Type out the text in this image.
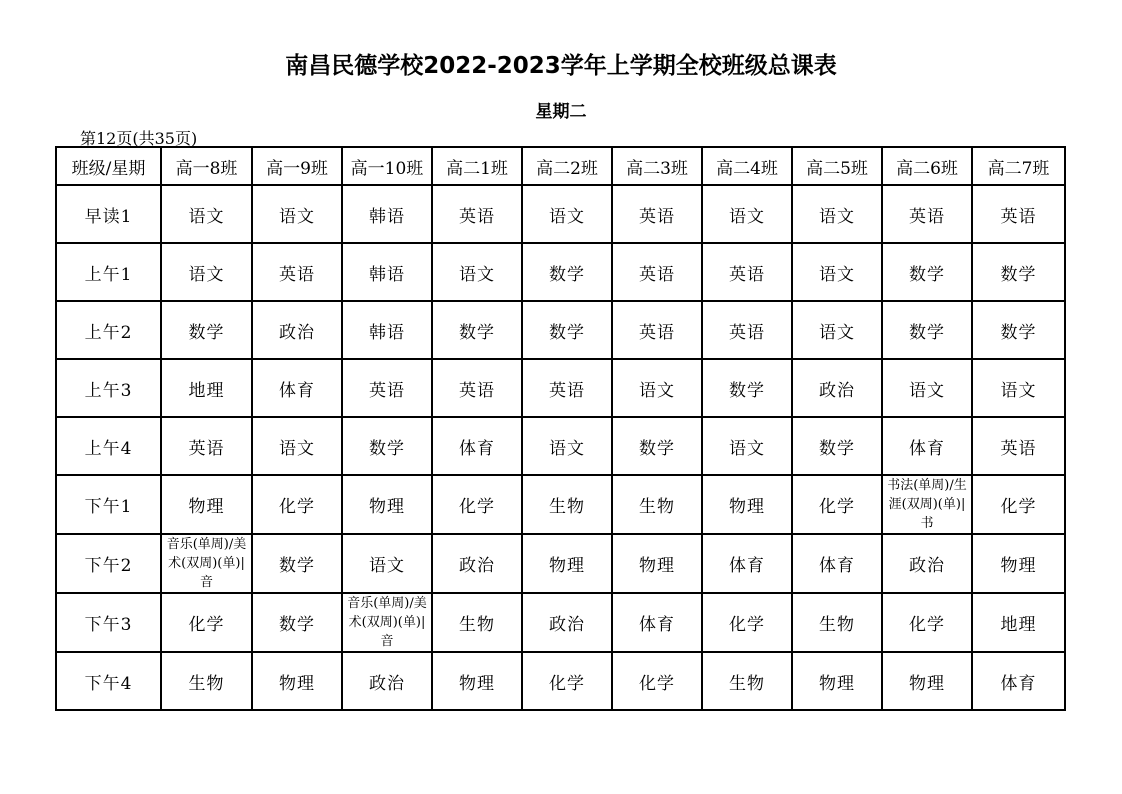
南昌民德学校2022-2023学年上学期全校班级总课表
星期二
第12页(共35页)
班级/星期	高一8班	高一9班	高一10班	高二1班	高二2班	高二3班	高二4班	高二5班	高二6班	高二7班
早读1	语文	语文	韩语	英语	语文	英语	语文	语文	英语	英语
上午1	语文	英语	韩语	语文	数学	英语	英语	语文	数学	数学
上午2	数学	政治	韩语	数学	数学	英语	英语	语文	数学	数学
上午3	地理	体育	英语	英语	英语	语文	数学	政治	语文	语文
上午4	英语	语文	数学	体育	语文	数学	语文	数学	体育	英语
下午1	物理	化学	物理	化学	生物	生物	物理	化学	书法(单周)/生涯(双周)(单)|书	化学
下午2	音乐(单周)/美术(双周)(单)|音	数学	语文	政治	物理	物理	体育	体育	政治	物理
下午3	化学	数学	音乐(单周)/美术(双周)(单)|音	生物	政治	体育	化学	生物	化学	地理
下午4	生物	物理	政治	物理	化学	化学	生物	物理	物理	体育
